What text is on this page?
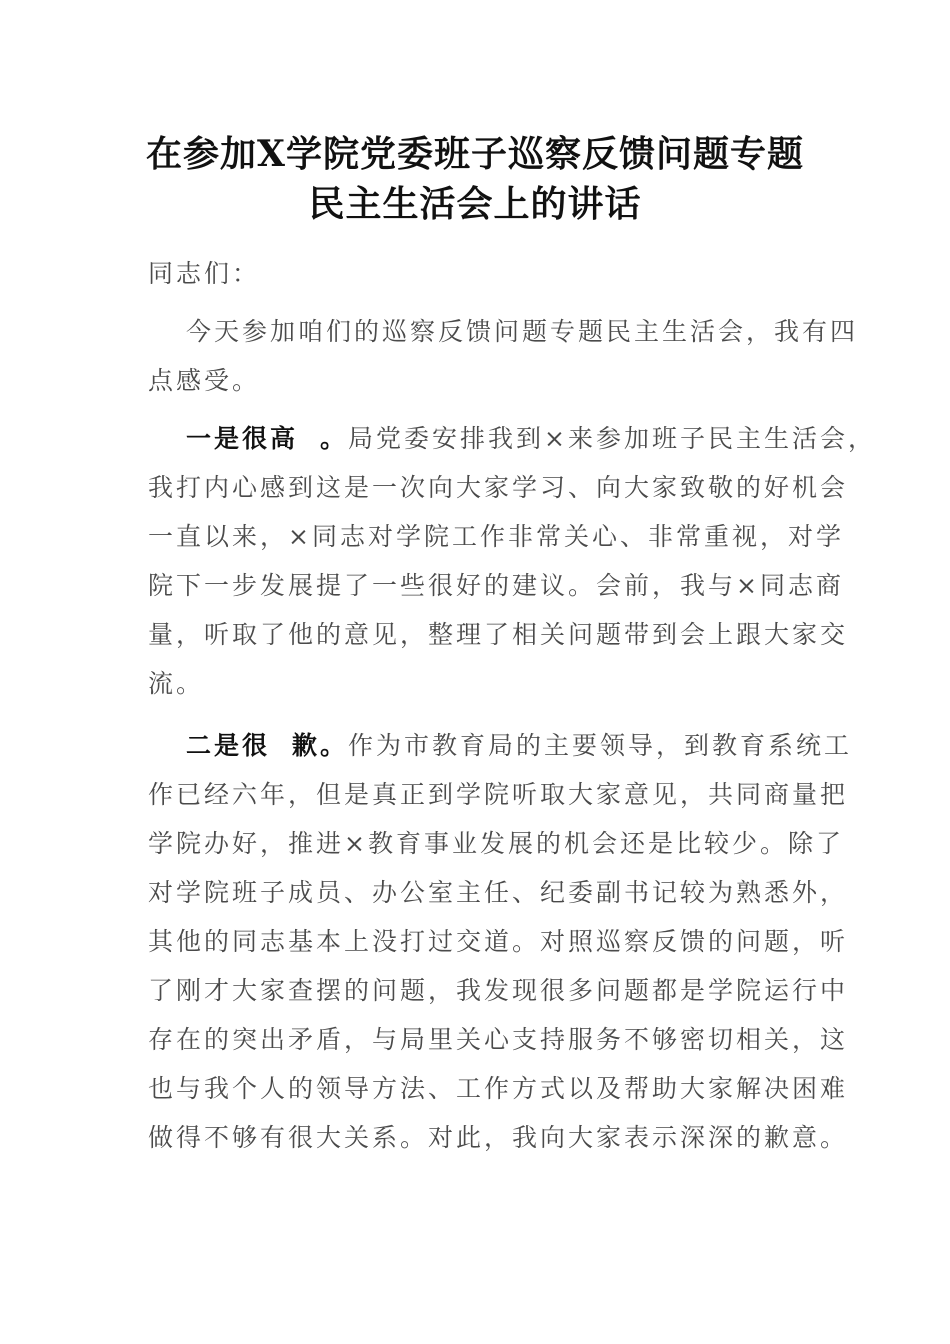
在参加X学院党委班子巡察反馈问题专题
民主生活会上的讲话

同志们：

今天参加咱们的巡察反馈问题专题民主生活会，我有四

点感受。

一是很高 。局党委安排我到×来参加班子民主生活会，

我打内心感到这是一次向大家学习、向大家致敬的好机会

一直以来，×同志对学院工作非常关心、非常重视，对学

院下一步发展提了一些很好的建议。会前，我与×同志商

量，听取了他的意见，整理了相关问题带到会上跟大家交

流。

二是很 歉。作为市教育局的主要领导，到教育系统工

作已经六年，但是真正到学院听取大家意见，共同商量把

学院办好，推进×教育事业发展的机会还是比较少。除了

对学院班子成员、办公室主任、纪委副书记较为熟悉外，

其他的同志基本上没打过交道。对照巡察反馈的问题，听

了刚才大家查摆的问题，我发现很多问题都是学院运行中

存在的突出矛盾，与局里关心支持服务不够密切相关，这

也与我个人的领导方法、工作方式以及帮助大家解决困难

做得不够有很大关系。对此，我向大家表示深深的歉意。
